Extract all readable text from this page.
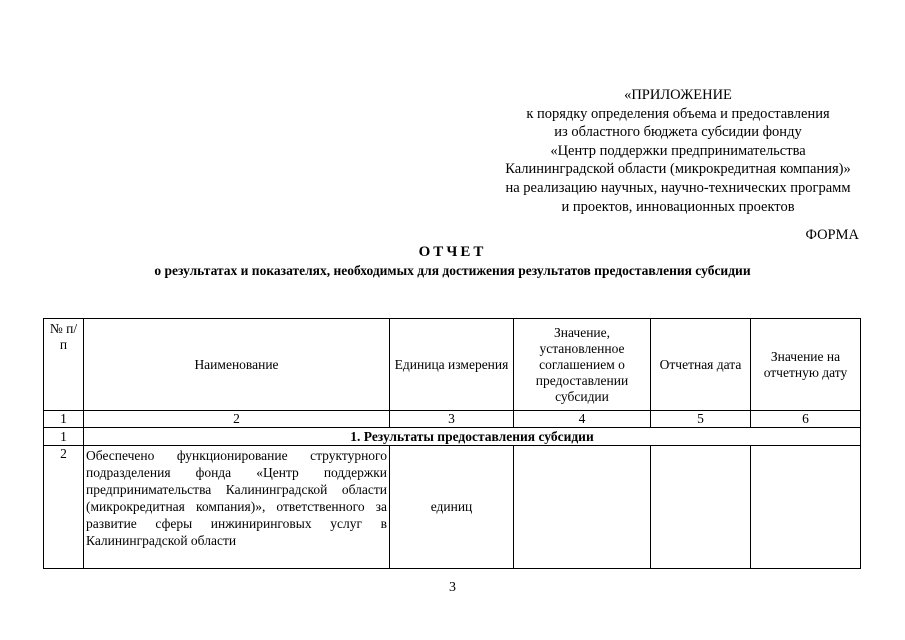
«ПРИЛОЖЕНИЕ
к порядку определения объема и предоставления
из областного бюджета субсидии фонду
«Центр поддержки предпринимательства
Калининградской области (микрокредитная компания)»
на реализацию научных, научно-технических программ
и проектов, инновационных проектов
ФОРМА
ОТЧЕТ
о результатах и показателях, необходимых для достижения результатов предоставления субсидии
№ п/п	Наименование	Единица измерения	Значение, установленное соглашением о предоставлении субсидии	Отчетная дата	Значение на отчетную дату
1	2	3	4	5	6
1	1. Результаты предоставления субсидии				
2	Обеспечено функционирование структурного подразделения фонда «Центр поддержки предпринимательства Калининградской области (микрокредитная компания)», ответственного за развитие сферы инжиниринговых услуг в Калининградской области	единиц			
3
